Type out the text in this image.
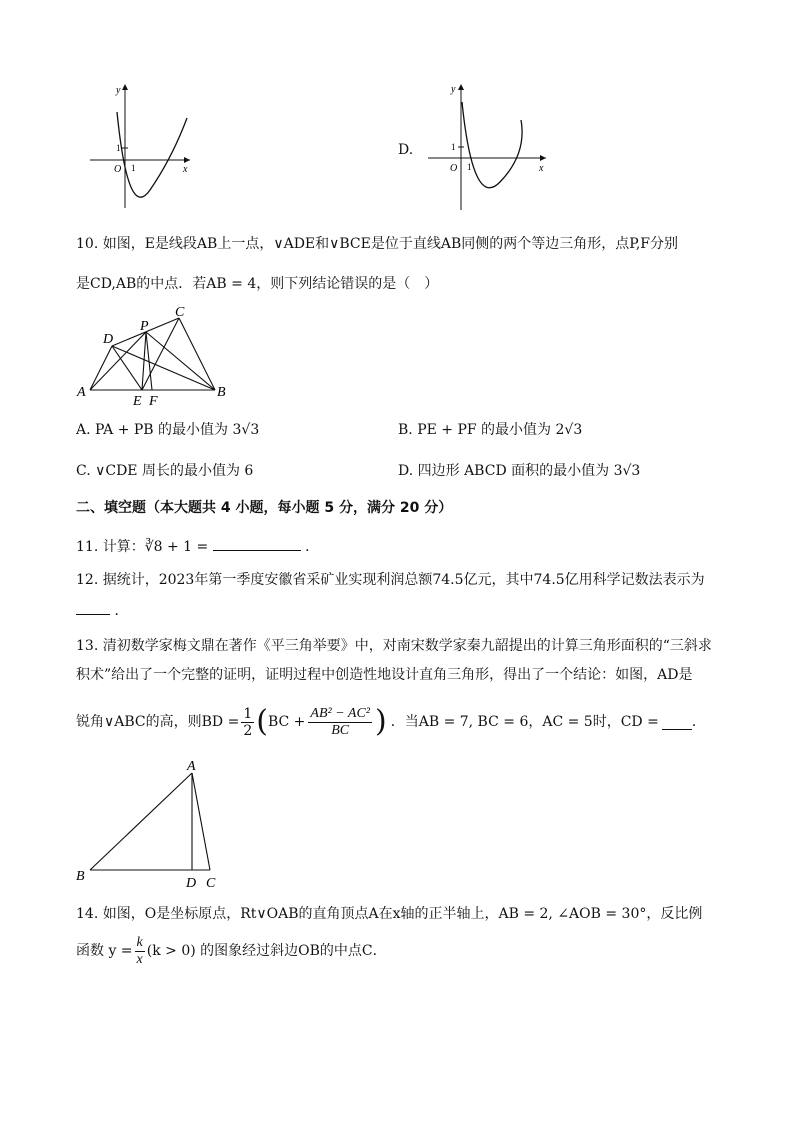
y
x
O 1
1	D.
y
x
O 1
1
10. 如图，E是线段AB上一点，∨ADE和∨BCE是位于直线AB同侧的两个等边三角形，点P,F分别
是CD,AB的中点．若AB = 4，则下列结论错误的是（　）
A	B
C
D
E F
P
A. PA + PB 的最小值为 3√3	B. PE + PF 的最小值为 2√3
C. ∨CDE 周长的最小值为 6	D. 四边形 ABCD 面积的最小值为 3√3
二、填空题（本大题共 4 小题，每小题 5 分，满分 20 分）
11. 计算：∛8 + 1 =	．
12. 据统计，2023年第一季度安徽省采矿业实现利润总额74.5亿元，其中74.5亿用科学记数法表示为
．
13. 清初数学家梅文鼎在著作《平三角举要》中，对南宋数学家秦九韶提出的计算三角形面积的“三斜求
积术”给出了一个完整的证明，证明过程中创造性地设计直角三角形，得出了一个结论：如图，AD是
锐角∨ABC的高，则BD = $\frac{1}{2}$ ( BC + $\frac{\text{AB² − AC²}}{BC}$ ) ．当AB = 7, BC = 6，AC = 5时，CD = ．
A
B	C
D
14. 如图，O是坐标原点，Rt∨OAB的直角顶点A在x轴的正半轴上，AB = 2, ∠AOB = 30°，反比例
函数 $y = \frac{k}{x} (k > 0)$ 的图象经过斜边OB的中点C．
